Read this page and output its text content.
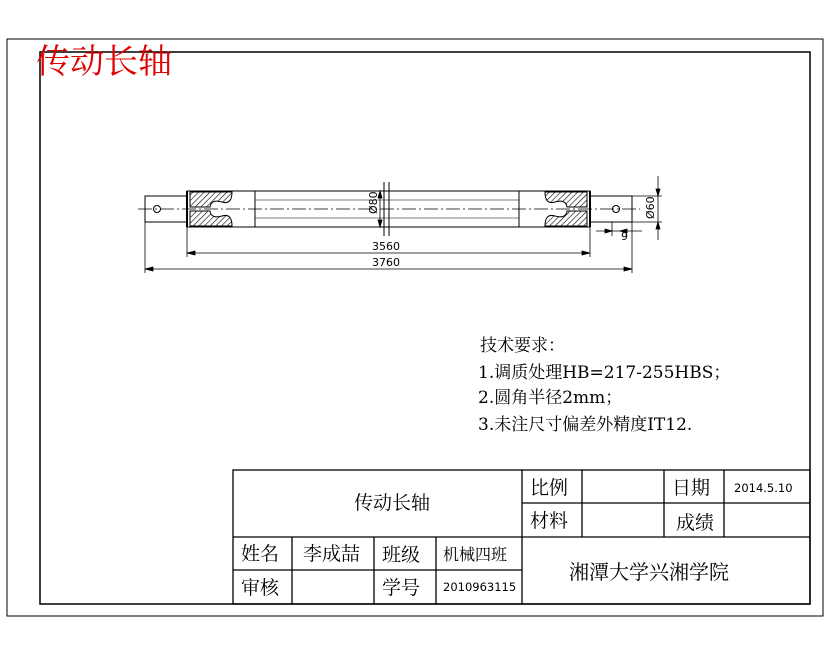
传动长轴
Ø80	Ø60
3560
3760
9
技术要求：
1.调质处理HB=217-255HBS；
2.圆角半径2mm；
3.未注尺寸偏差外精度IT12.
传动长轴
比例
材料
日期 2014.5.10
成绩
姓名 李成喆 班级 机械四班
审核	学号 2010963115
湘潭大学兴湘学院
